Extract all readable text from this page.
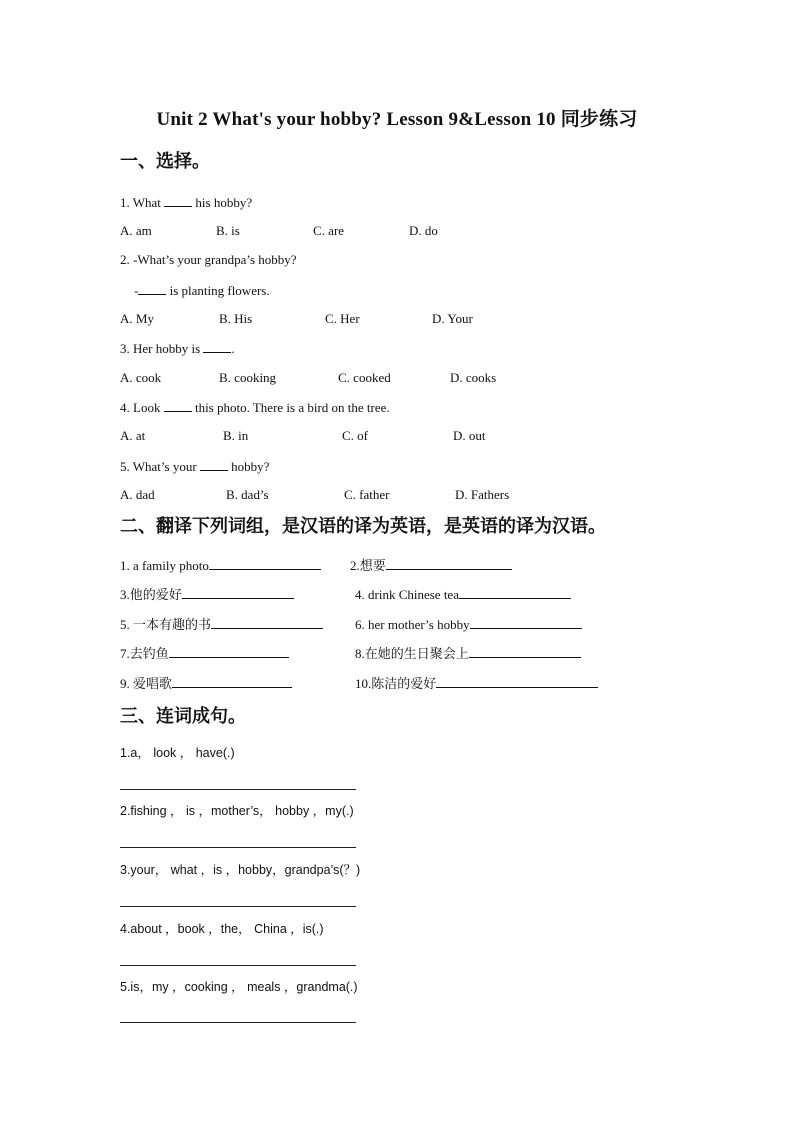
Unit 2 What's your hobby? Lesson 9&Lesson 10 同步练习
一、选择。
1. What  his hobby?
A. am	B. is	C. are	D. do
2. -What’s your grandpa’s hobby?
- is planting flowers.
A. My	B. His	C. Her	D. Your
3. Her hobby is .
A. cook	B. cooking	C. cooked	D. cooks
4. Look  this photo. There is a bird on the tree.
A. at	B. in	C. of	D. out
5. What’s your  hobby?
A. dad	B. dad’s	C. father	D. Fathers
二、翻译下列词组，是汉语的译为英语，是英语的译为汉语。
1. a family photo	2.想要
3.他的爱好	4. drink Chinese tea
5. 一本有趣的书	6. her mother’s hobby
7.去钓鱼	8.在她的生日聚会上
9. 爱唱歌	10.陈洁的爱好
三、连词成句。
1.a， look ， have(.)
2.fishing ， is ，mother’s， hobby ，my(.)
3.your， what ，is ，hobby，grandpa’s(？)
4.about ，book ，the， China ，is(.)
5.is，my ，cooking ， meals ，grandma(.)
